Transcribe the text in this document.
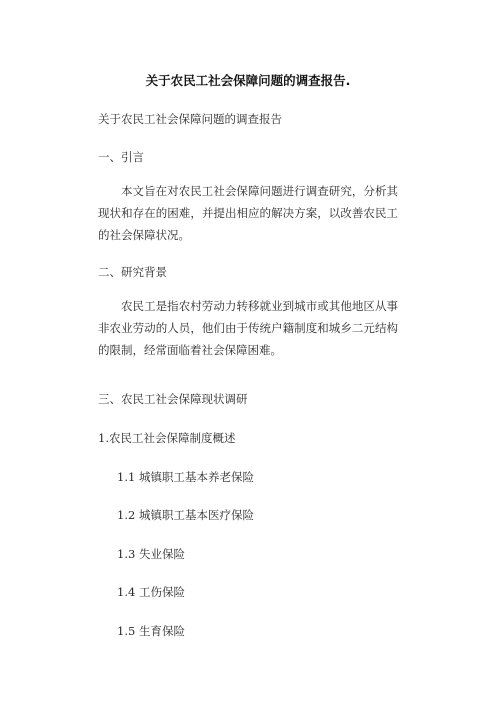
关于农民工社会保障问题的调查报告.
关于农民工社会保障问题的调查报告
一、引言
本文旨在对农民工社会保障问题进行调查研究，分析其现状和存在的困难，并提出相应的解决方案，以改善农民工的社会保障状况。
二、研究背景
农民工是指农村劳动力转移就业到城市或其他地区从事非农业劳动的人员，他们由于传统户籍制度和城乡二元结构的限制，经常面临着社会保障困难。
三、农民工社会保障现状调研
1.农民工社会保障制度概述
1.1 城镇职工基本养老保险
1.2 城镇职工基本医疗保险
1.3 失业保险
1.4 工伤保险
1.5 生育保险
